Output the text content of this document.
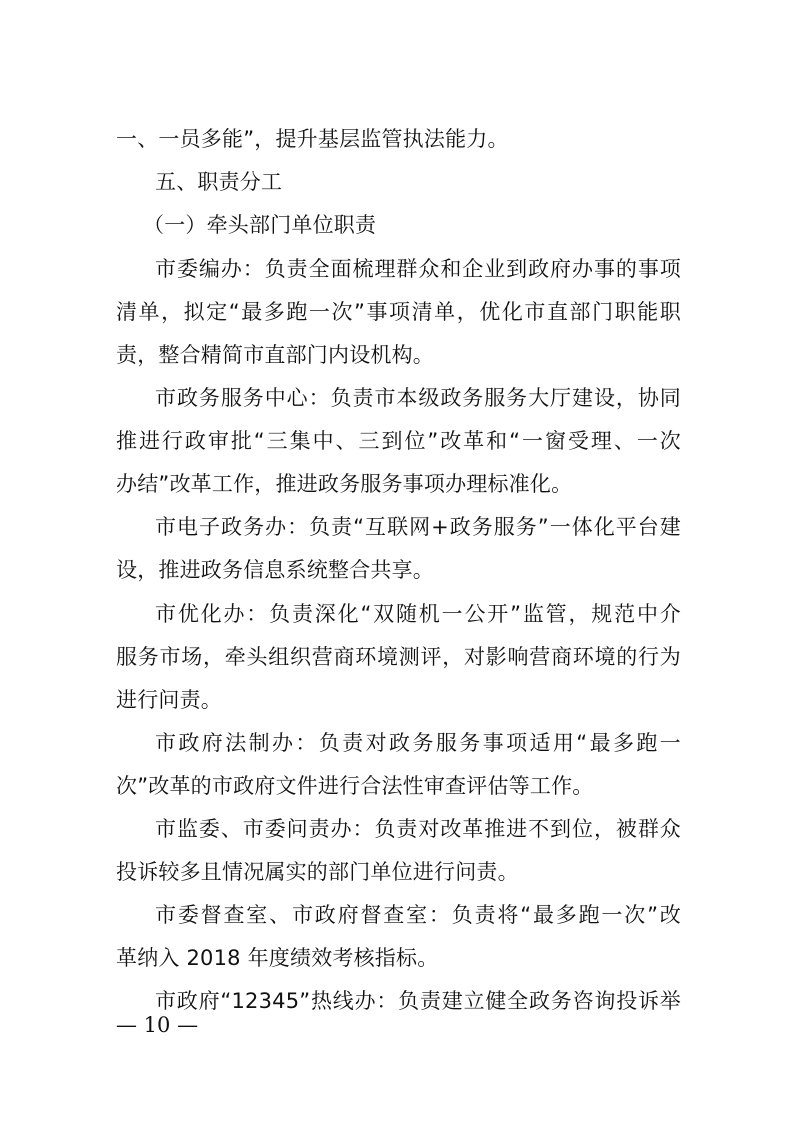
一、一员多能”，提升基层监管执法能力。
五、职责分工
（一）牵头部门单位职责
市委编办：负责全面梳理群众和企业到政府办事的事项
清单，拟定“最多跑一次”事项清单，优化市直部门职能职
责，整合精简市直部门内设机构。
市政务服务中心：负责市本级政务服务大厅建设，协同
推进行政审批“三集中、三到位”改革和“一窗受理、一次
办结”改革工作，推进政务服务事项办理标准化。
市电子政务办：负责“互联网+政务服务”一体化平台建
设，推进政务信息系统整合共享。
市优化办：负责深化“双随机一公开”监管，规范中介
服务市场，牵头组织营商环境测评，对影响营商环境的行为
进行问责。
市政府法制办：负责对政务服务事项适用“最多跑一
次”改革的市政府文件进行合法性审查评估等工作。
市监委、市委问责办：负责对改革推进不到位，被群众
投诉较多且情况属实的部门单位进行问责。
市委督查室、市政府督查室：负责将“最多跑一次”改
革纳入 2018 年度绩效考核指标。
市政府“12345”热线办：负责建立健全政务咨询投诉举
— 10 —
